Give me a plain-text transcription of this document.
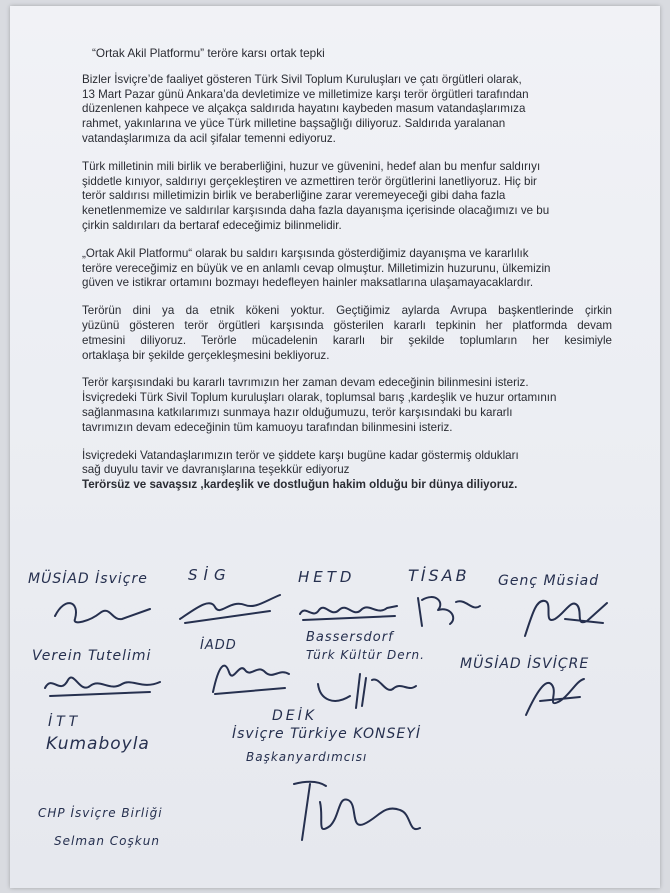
“Ortak Akil Platformu” teröre karsı ortak tepki

Bizler İsviçre’de faaliyet gösteren Türk Sivil Toplum Kuruluşları ve çatı örgütleri olarak,

13 Mart Pazar günü Ankara’da devletimize ve milletimize karşı terör örgütleri tarafından

düzenlenen kahpece ve alçakça saldırıda hayatını kaybeden masum vatandaşlarımıza

rahmet, yakınlarına ve yüce Türk milletine başsağlığı diliyoruz. Saldırıda yaralanan

vatandaşlarımıza da acil şifalar temenni ediyoruz.

Türk milletinin mili birlik ve beraberliğini, huzur ve güvenini, hedef alan bu menfur saldırıyı

şiddetle kınıyor, saldırıyı gerçekleştiren ve azmettiren terör örgütlerini lanetliyoruz. Hiç bir

terör saldırısı milletimizin birlik ve beraberliğine zarar veremeyeceği gibi daha fazla

kenetlenmemize ve saldırılar karşısında daha fazla dayanışma içerisinde olacağımızı ve bu

çirkin saldırıları da bertaraf edeceğimiz bilinmelidir.

„Ortak Akil Platformu“ olarak bu saldırı karşısında gösterdiğimiz dayanışma ve kararlılık

teröre vereceğimiz en büyük ve en anlamlı cevap olmuştur. Milletimizin huzurunu, ülkemizin

güven ve istikrar ortamını bozmayı hedefleyen hainler maksatlarına ulaşamayacaklardır.

Terörün dini ya da etnik kökeni yoktur. Geçtiğimiz aylarda Avrupa başkentlerinde çirkin

yüzünü gösteren terör örgütleri karşısında gösterilen kararlı tepkinin her platformda devam

etmesini diliyoruz. Terörle mücadelenin kararlı bir şekilde toplumların her kesimiyle

ortaklaşa bir şekilde gerçekleşmesini bekliyoruz.

Terör karşısındaki bu kararlı tavrımızın her zaman devam edeceğinin bilinmesini isteriz.

İsviçredeki Türk Sivil Toplum kuruluşları olarak, toplumsal barış ,kardeşlik ve huzur ortamının

sağlanmasına katkılarımızı sunmaya hazır olduğumuzu, terör karşısındaki bu kararlı

tavrımızın devam edeceğinin tüm kamuoyu tarafından bilinmesini isteriz.

İsviçredeki Vatandaşlarımızın terör ve şiddete karşı bugüne kadar göstermiş oldukları

sağ duyulu tavir ve davranışlarına teşekkür ediyoruz

Terörsüz ve savaşsız ,kardeşlik ve dostluğun hakim olduğu bir dünya diliyoruz.

MÜSİAD İsviçre	SİG	HETD	TİSAB Genç Müsiad
Verein Tutelimi
İADD
Bassersdorf
Türk Kültür Dern.
MÜSİAD İSVİÇRE
İTT
Kumaboyla
DEİK
İsviçre Türkiye KONSEYİ
Başkanyardımcısı
CHP İsviçre Birliği
Selman Coşkun
